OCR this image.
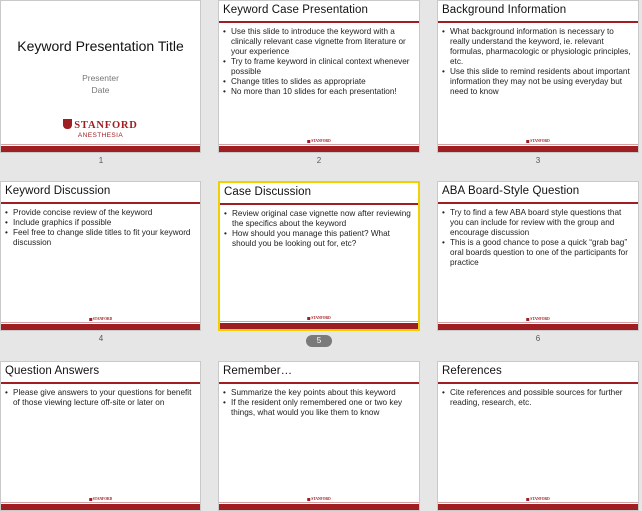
Keyword Presentation Title
Presenter
Date
STANFORD
ANESTHESIA
1
Keyword Case Presentation
• Use this slide to introduce the keyword with a clinically relevant case vignette from literature or your experience
• Try to frame keyword in clinical context whenever possible
• Change titles to slides as appropriate
• No more than 10 slides for each presentation!
STANFORD
2
Background Information
• What background information is necessary to really understand the keyword, ie. relevant formulas, pharmacologic or physiologic principles, etc.
• Use this slide to remind residents about important information they may not be using everyday but need to know
STANFORD
3
Keyword Discussion
• Provide concise review of the keyword
• Include graphics if possible
• Feel free to change slide titles to fit your keyword discussion
STANFORD
4
Case Discussion
• Review original case vignette now after reviewing the specifics about the keyword
• How should you manage this patient? What should you be looking out for, etc?
STANFORD
5
ABA Board-Style Question
• Try to find a few ABA board style questions that you can include for review with the group and encourage discussion
• This is a good chance to pose a quick “grab bag” oral boards question to one of the participants for practice
STANFORD
6
Question Answers
• Please give answers to your questions for benefit of those viewing lecture off-site or later on
STANFORD
Remember…
• Summarize the key points about this keyword
• If the resident only remembered one or two key things, what would you like them to know
STANFORD
References
• Cite references and possible sources for further reading, research, etc.
STANFORD
